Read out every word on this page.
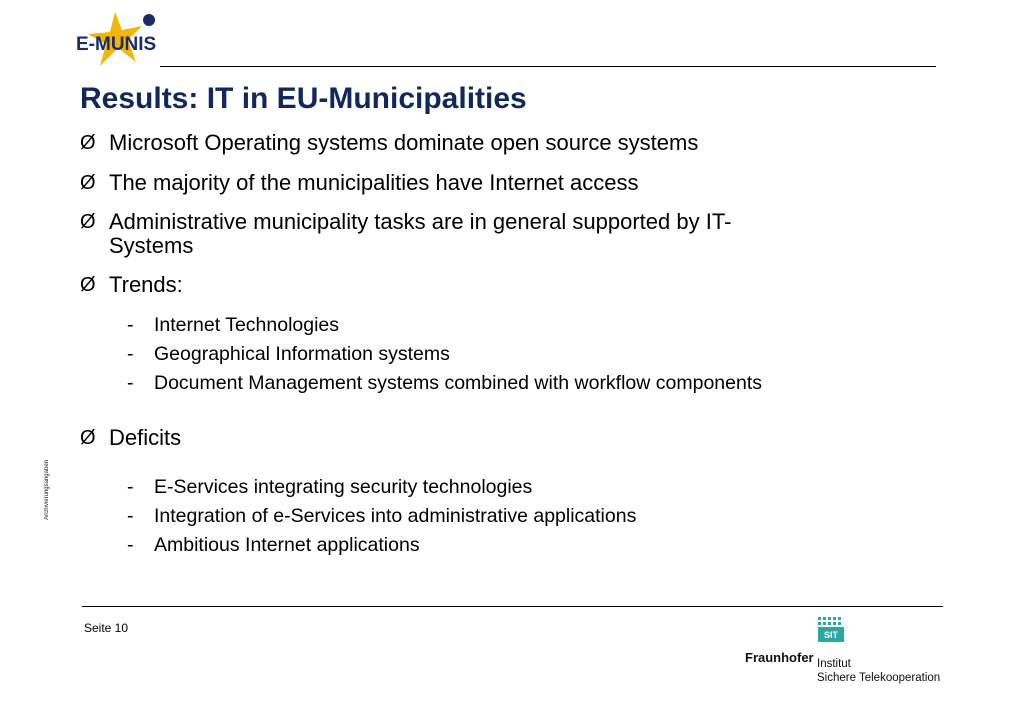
E-MUNIS
Results: IT in EU-Municipalities
Ø Microsoft Operating systems dominate open source systems
Ø The majority of the municipalities have Internet access
Ø Administrative municipality tasks are in general supported by IT-
Systems
Ø Trends:
- Internet Technologies
- Geographical Information systems
- Document Management systems combined with workflow components
Ø Deficits
- E-Services integrating security technologies
- Integration of e-Services into administrative applications
- Ambitious Internet applications
Archivierungsangaben
Seite 10	SIT
Fraunhofer Institut
Sichere Telekooperation
